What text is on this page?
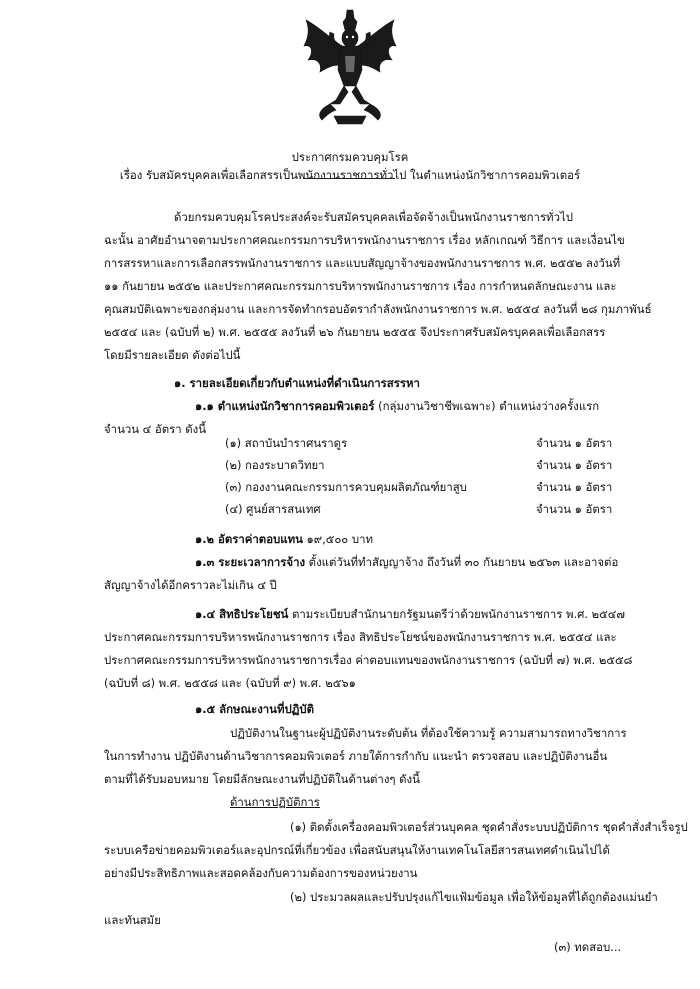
ประกาศกรมควบคุมโรค
เรื่อง รับสมัครบุคคลเพื่อเลือกสรรเป็นพนักงานราชการทั่วไป ในตำแหน่งนักวิชาการคอมพิวเตอร์
ด้วยกรมควบคุมโรคประสงค์จะรับสมัครบุคคลเพื่อจัดจ้างเป็นพนักงานราชการทั่วไป
ฉะนั้น อาศัยอำนาจตามประกาศคณะกรรมการบริหารพนักงานราชการ เรื่อง หลักเกณฑ์ วิธีการ และเงื่อนไข
การสรรหาและการเลือกสรรพนักงานราชการ และแบบสัญญาจ้างของพนักงานราชการ พ.ศ. ๒๕๕๒ ลงวันที่
๑๑ กันยายน ๒๕๕๒ และประกาศคณะกรรมการบริหารพนักงานราชการ เรื่อง การกำหนดลักษณะงาน และ
คุณสมบัติเฉพาะของกลุ่มงาน และการจัดทำกรอบอัตรากำลังพนักงานราชการ พ.ศ. ๒๕๕๔ ลงวันที่ ๒๘ กุมภาพันธ์
๒๕๕๔ และ (ฉบับที่ ๒) พ.ศ. ๒๕๕๕ ลงวันที่ ๒๖ กันยายน ๒๕๕๕ จึงประกาศรับสมัครบุคคลเพื่อเลือกสรร
โดยมีรายละเอียด ดังต่อไปนี้
๑. รายละเอียดเกี่ยวกับตำแหน่งที่ดำเนินการสรรหา
๑.๑ ตำแหน่งนักวิชาการคอมพิวเตอร์ (กลุ่มงานวิชาชีพเฉพาะ) ตำแหน่งว่างครั้งแรก
จำนวน ๔ อัตรา ดังนี้
(๑) สถาบันบำราศนราดูร	จำนวน ๑ อัตรา
(๒) กองระบาดวิทยา	จำนวน ๑ อัตรา
(๓) กองงานคณะกรรมการควบคุมผลิตภัณฑ์ยาสูบ	จำนวน ๑ อัตรา
(๔) ศูนย์สารสนเทศ	จำนวน ๑ อัตรา
๑.๒ อัตราค่าตอบแทน ๑๙,๕๐๐ บาท
๑.๓ ระยะเวลาการจ้าง ตั้งแต่วันที่ทำสัญญาจ้าง ถึงวันที่ ๓๐ กันยายน ๒๕๖๓ และอาจต่อ
สัญญาจ้างได้อีกคราวละไม่เกิน ๔ ปี
๑.๔ สิทธิประโยชน์ ตามระเบียบสำนักนายกรัฐมนตรีว่าด้วยพนักงานราชการ พ.ศ. ๒๕๔๗
ประกาศคณะกรรมการบริหารพนักงานราชการ เรื่อง สิทธิประโยชน์ของพนักงานราชการ พ.ศ. ๒๕๕๔ และ
ประกาศคณะกรรมการบริหารพนักงานราชการเรื่อง ค่าตอบแทนของพนักงานราชการ (ฉบับที่ ๗) พ.ศ. ๒๕๕๘
(ฉบับที่ ๘) พ.ศ. ๒๕๕๘ และ (ฉบับที่ ๙) พ.ศ. ๒๕๖๑
๑.๕ ลักษณะงานที่ปฏิบัติ
ปฏิบัติงานในฐานะผู้ปฏิบัติงานระดับต้น ที่ต้องใช้ความรู้ ความสามารถทางวิชาการ
ในการทำงาน ปฏิบัติงานด้านวิชาการคอมพิวเตอร์ ภายใต้การกำกับ แนะนำ ตรวจสอบ และปฏิบัติงานอื่น
ตามที่ได้รับมอบหมาย โดยมีลักษณะงานที่ปฏิบัติในด้านต่างๆ ดังนี้
ด้านการปฏิบัติการ
(๑) ติดตั้งเครื่องคอมพิวเตอร์ส่วนบุคคล ชุดคำสั่งระบบปฏิบัติการ ชุดคำสั่งสำเร็จรูป
ระบบเครือข่ายคอมพิวเตอร์และอุปกรณ์ที่เกี่ยวข้อง เพื่อสนับสนุนให้งานเทคโนโลยีสารสนเทศดำเนินไปได้
อย่างมีประสิทธิภาพและสอดคล้องกับความต้องการของหน่วยงาน
(๒) ประมวลผลและปรับปรุงแก้ไขแฟ้มข้อมูล เพื่อให้ข้อมูลที่ได้ถูกต้องแม่นยำ
และทันสมัย
(๓) ทดสอบ...
